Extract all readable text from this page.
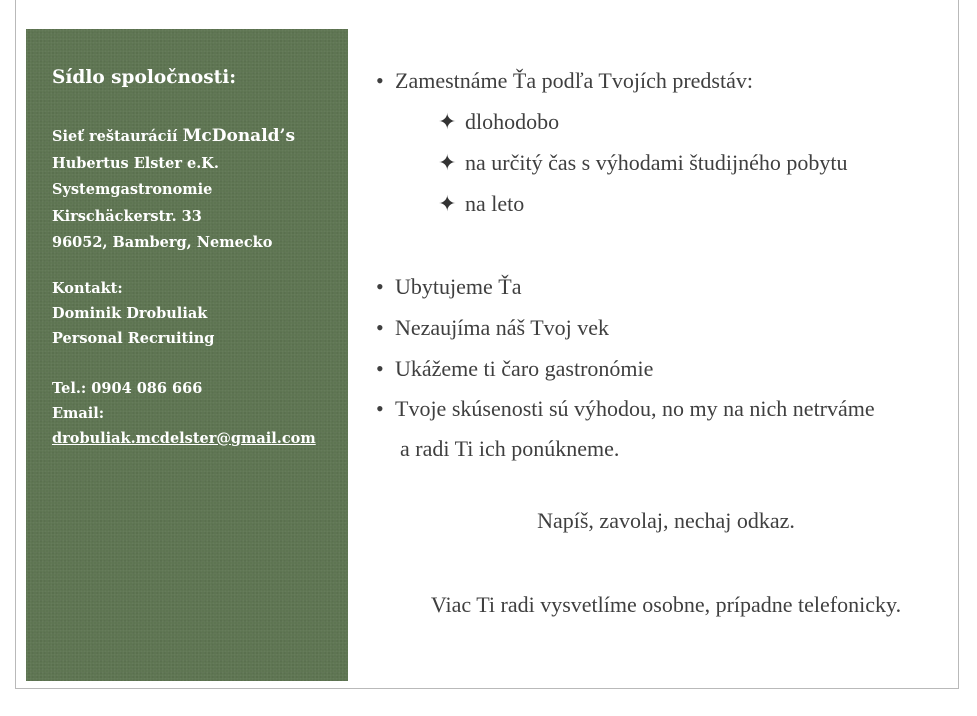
Sídlo spoločnosti:
Sieť reštaurácií McDonald’s
Hubertus Elster e.K.
Systemgastronomie
Kirschäckerstr. 33
96052, Bamberg, Nemecko
Kontakt:
Dominik Drobuliak
Personal Recruiting
Tel.: 0904 086 666
Email:
drobuliak.mcdelster@gmail.com
• Zamestnáme Ťa podľa Tvojích predstáv:
✦ dlohodobo
✦ na určitý čas s výhodami študijného pobytu
✦ na leto
• Ubytujeme Ťa
• Nezaujíma náš Tvoj vek
• Ukážeme ti čaro gastronómie
• Tvoje skúsenosti sú výhodou, no my na nich netrváme
a radi Ti ich ponúkneme.
Napíš, zavolaj, nechaj odkaz.
Viac Ti radi vysvetlíme osobne, prípadne telefonicky.
